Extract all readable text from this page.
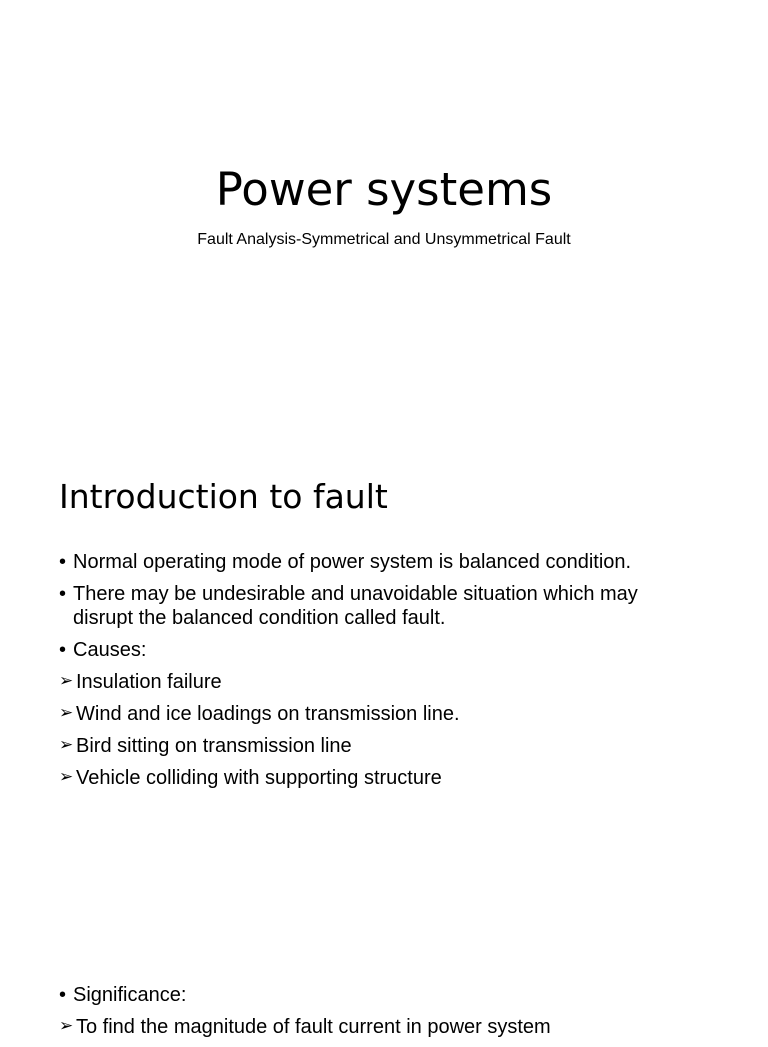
Power systems

Fault Analysis-Symmetrical and Unsymmetrical Fault

Introduction to fault
• Normal operating mode of power system is balanced condition.
• There may be undesirable and unavoidable situation which may disrupt the balanced condition called fault.
• Causes:
➢ Insulation failure
➢ Wind and ice loadings on transmission line.
➢ Bird sitting on transmission line
➢ Vehicle colliding with supporting structure
• Significance:
➢ To find the magnitude of fault current in power system
